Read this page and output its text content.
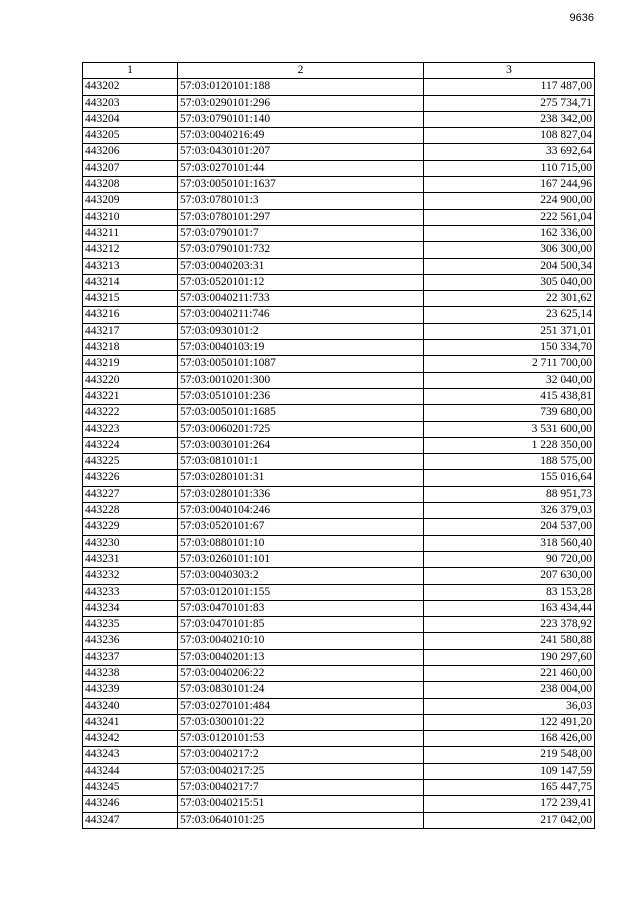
9636
1	2	3
443202	57:03:0120101:188	117 487,00
443203	57:03:0290101:296	275 734,71
443204	57:03:0790101:140	238 342,00
443205	57:03:0040216:49	108 827,04
443206	57:03:0430101:207	33 692,64
443207	57:03:0270101:44	110 715,00
443208	57:03:0050101:1637	167 244,96
443209	57:03:0780101:3	224 900,00
443210	57:03:0780101:297	222 561,04
443211	57:03:0790101:7	162 336,00
443212	57:03:0790101:732	306 300,00
443213	57:03:0040203:31	204 500,34
443214	57:03:0520101:12	305 040,00
443215	57:03:0040211:733	22 301,62
443216	57:03:0040211:746	23 625,14
443217	57:03:0930101:2	251 371,01
443218	57:03:0040103:19	150 334,70
443219	57:03:0050101:1087	2 711 700,00
443220	57:03:0010201:300	32 040,00
443221	57:03:0510101:236	415 438,81
443222	57:03:0050101:1685	739 680,00
443223	57:03:0060201:725	3 531 600,00
443224	57:03:0030101:264	1 228 350,00
443225	57:03:0810101:1	188 575,00
443226	57:03:0280101:31	155 016,64
443227	57:03:0280101:336	88 951,73
443228	57:03:0040104:246	326 379,03
443229	57:03:0520101:67	204 537,00
443230	57:03:0880101:10	318 560,40
443231	57:03:0260101:101	90 720,00
443232	57:03:0040303:2	207 630,00
443233	57:03:0120101:155	83 153,28
443234	57:03:0470101:83	163 434,44
443235	57:03:0470101:85	223 378,92
443236	57:03:0040210:10	241 580,88
443237	57:03:0040201:13	190 297,60
443238	57:03:0040206:22	221 460,00
443239	57:03:0830101:24	238 004,00
443240	57:03:0270101:484	36,03
443241	57:03:0300101:22	122 491,20
443242	57:03:0120101:53	168 426,00
443243	57:03:0040217:2	219 548,00
443244	57:03:0040217:25	109 147,59
443245	57:03:0040217:7	165 447,75
443246	57:03:0040215:51	172 239,41
443247	57:03:0640101:25	217 042,00
